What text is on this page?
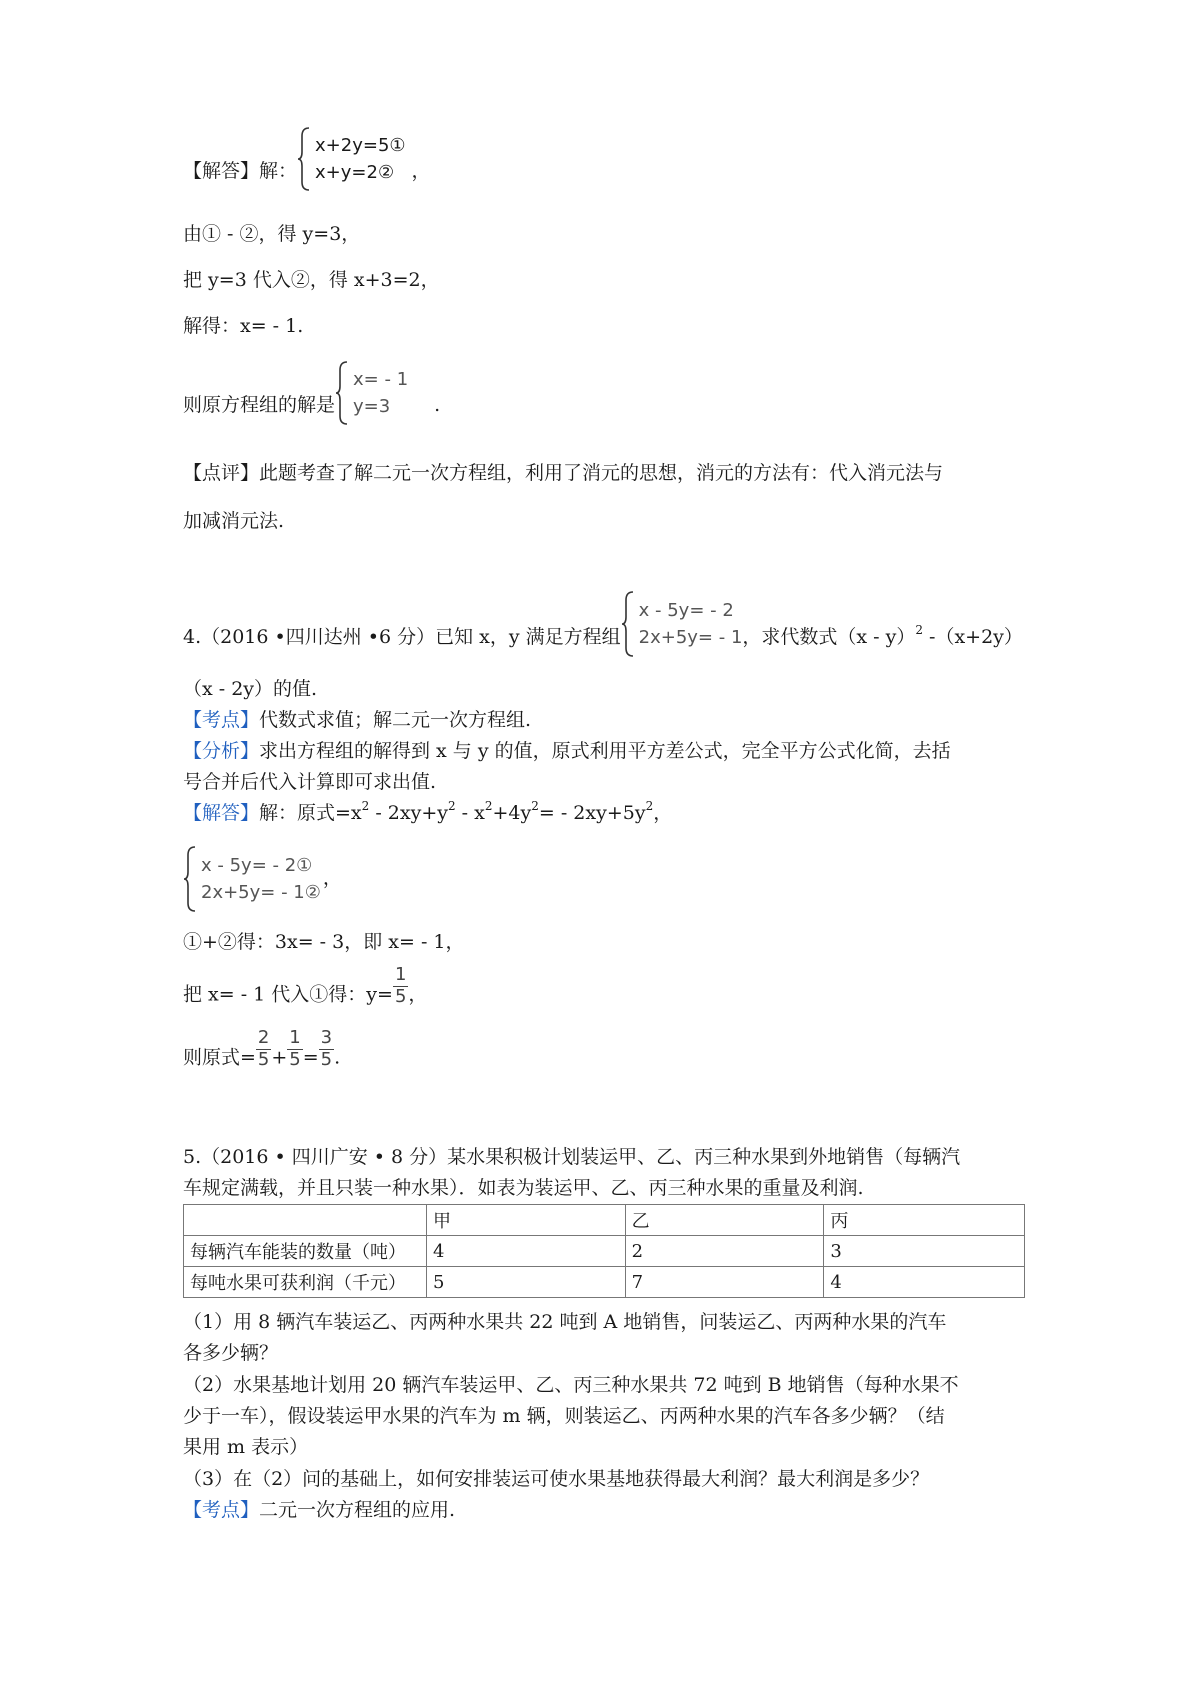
【解答】解：
x+2y=5①
x+y=2② ，
由① - ②，得 y=3，
把 y=3 代入②，得 x+3=2，
解得：x= - 1.
则原方程组的解是
x= - 1
y=3	.
【点评】此题考查了解二元一次方程组，利用了消元的思想，消元的方法有：代入消元法与
加减消元法.
4.（2016 •四川达州 •6 分）已知 x，y 满足方程组
x - 5y= - 2
2x+5y= - 1 ，求代数式（x - y）$^2$ -（x+2y）
（x - 2y）的值.
【考点】代数式求值；解二元一次方程组.
【分析】求出方程组的解得到 x 与 y 的值，原式利用平方差公式，完全平方公式化简，去括
号合并后代入计算即可求出值.
【解答】解：原式$=x^2 - 2xy+y^2 - x^2+4y^2= - 2xy+5y^2$，
x - 5y= - 2①
2x+5y= - 1②
，
①+②得：3x= - 3，即 x= - 1，
把 x= - 1 代入①得：$y= \frac{1}{5}$ ，
则原式= $\frac{2}{5} + \frac{1}{5} = \frac{3}{5}$ .
5.（2016 • 四川广安 • 8 分）某水果积极计划装运甲、乙、丙三种水果到外地销售（每辆汽
车规定满载，并且只装一种水果）．如表为装运甲、乙、丙三种水果的重量及利润.
	甲	乙	丙
每辆汽车能装的数量（吨）	4	2	3
每吨水果可获利润（千元）	5	7	4
（1）用 8 辆汽车装运乙、丙两种水果共 22 吨到 A 地销售，问装运乙、丙两种水果的汽车
各多少辆？
（2）水果基地计划用 20 辆汽车装运甲、乙、丙三种水果共 72 吨到 B 地销售（每种水果不
少于一车），假设装运甲水果的汽车为 m 辆，则装运乙、丙两种水果的汽车各多少辆？（结
果用 m 表示）
（3）在（2）问的基础上，如何安排装运可使水果基地获得最大利润？最大利润是多少？
【考点】二元一次方程组的应用.
